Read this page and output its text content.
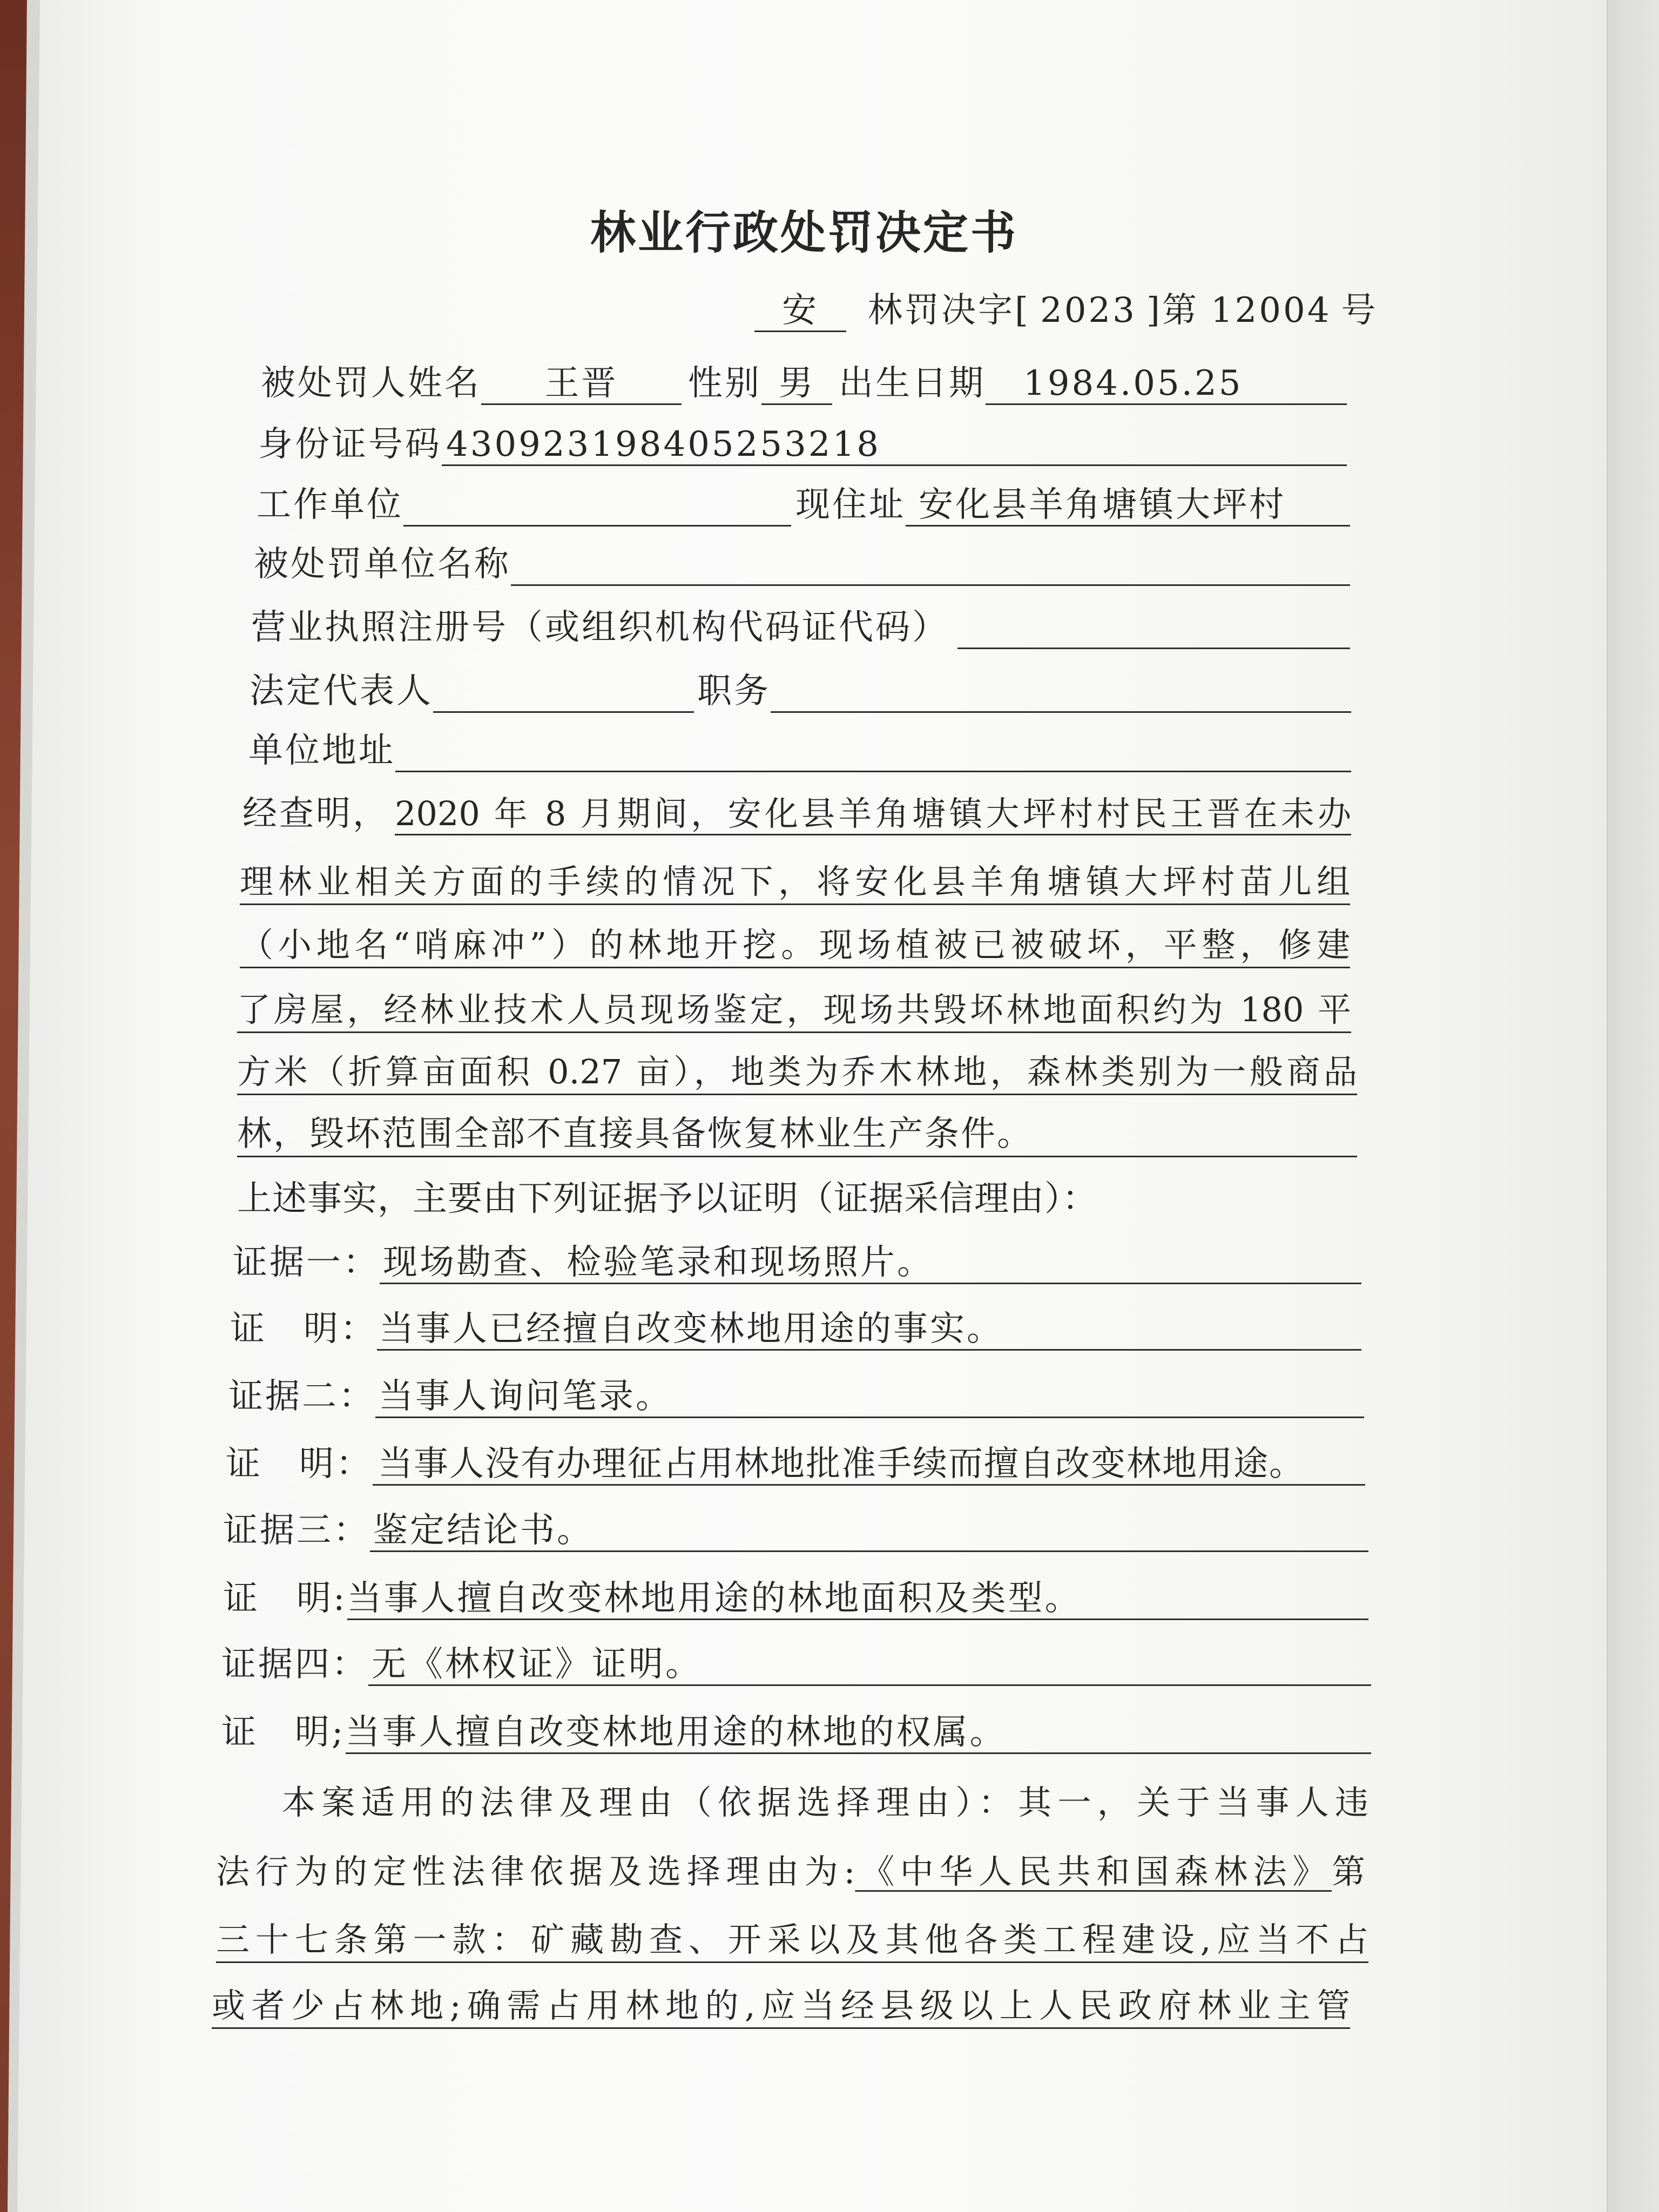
林业行政处罚决定书
安	林罚决字[ 2023 ]第 12004 号
被处罚人姓名	王晋	性别 男 出生日期	1984.05.25
身份证号码 430923198405253218
工作单位	现住址 安化县羊角塘镇大坪村
被处罚单位名称
营业执照注册号（或组织机构代码证代码）
法定代表人	职务
单位地址
经查明， 2020 年 8 月期间，安化县羊角塘镇大坪村村民王晋在未办
理林业相关方面的手续的情况下，将安化县羊角塘镇大坪村苗儿组
（小地名“哨麻冲”）的林地开挖。现场植被已被破坏，平整，修建
了房屋，经林业技术人员现场鉴定，现场共毁坏林地面积约为 180 平
方米（折算亩面积 0.27 亩），地类为乔木林地，森林类别为一般商品
林，毁坏范围全部不直接具备恢复林业生产条件。
上述事实，主要由下列证据予以证明（证据采信理由）：
证据一： 现场勘查、检验笔录和现场照片。
证　明： 当事人已经擅自改变林地用途的事实。
证据二： 当事人询问笔录。
证　明： 当事人没有办理征占用林地批准手续而擅自改变林地用途。
证据三： 鉴定结论书。
证　明: 当事人擅自改变林地用途的林地面积及类型。
证据四： 无《林权证》证明。
证　明; 当事人擅自改变林地用途的林地的权属。
本案适用的法律及理由（依据选择理由）：其一，关于当事人违
法行为的定性法律依据及选择理由为:《中华人民共和国森林法》第
三十七条第一款：矿藏勘查、开采以及其他各类工程建设,应当不占
或者少占林地;确需占用林地的,应当经县级以上人民政府林业主管
